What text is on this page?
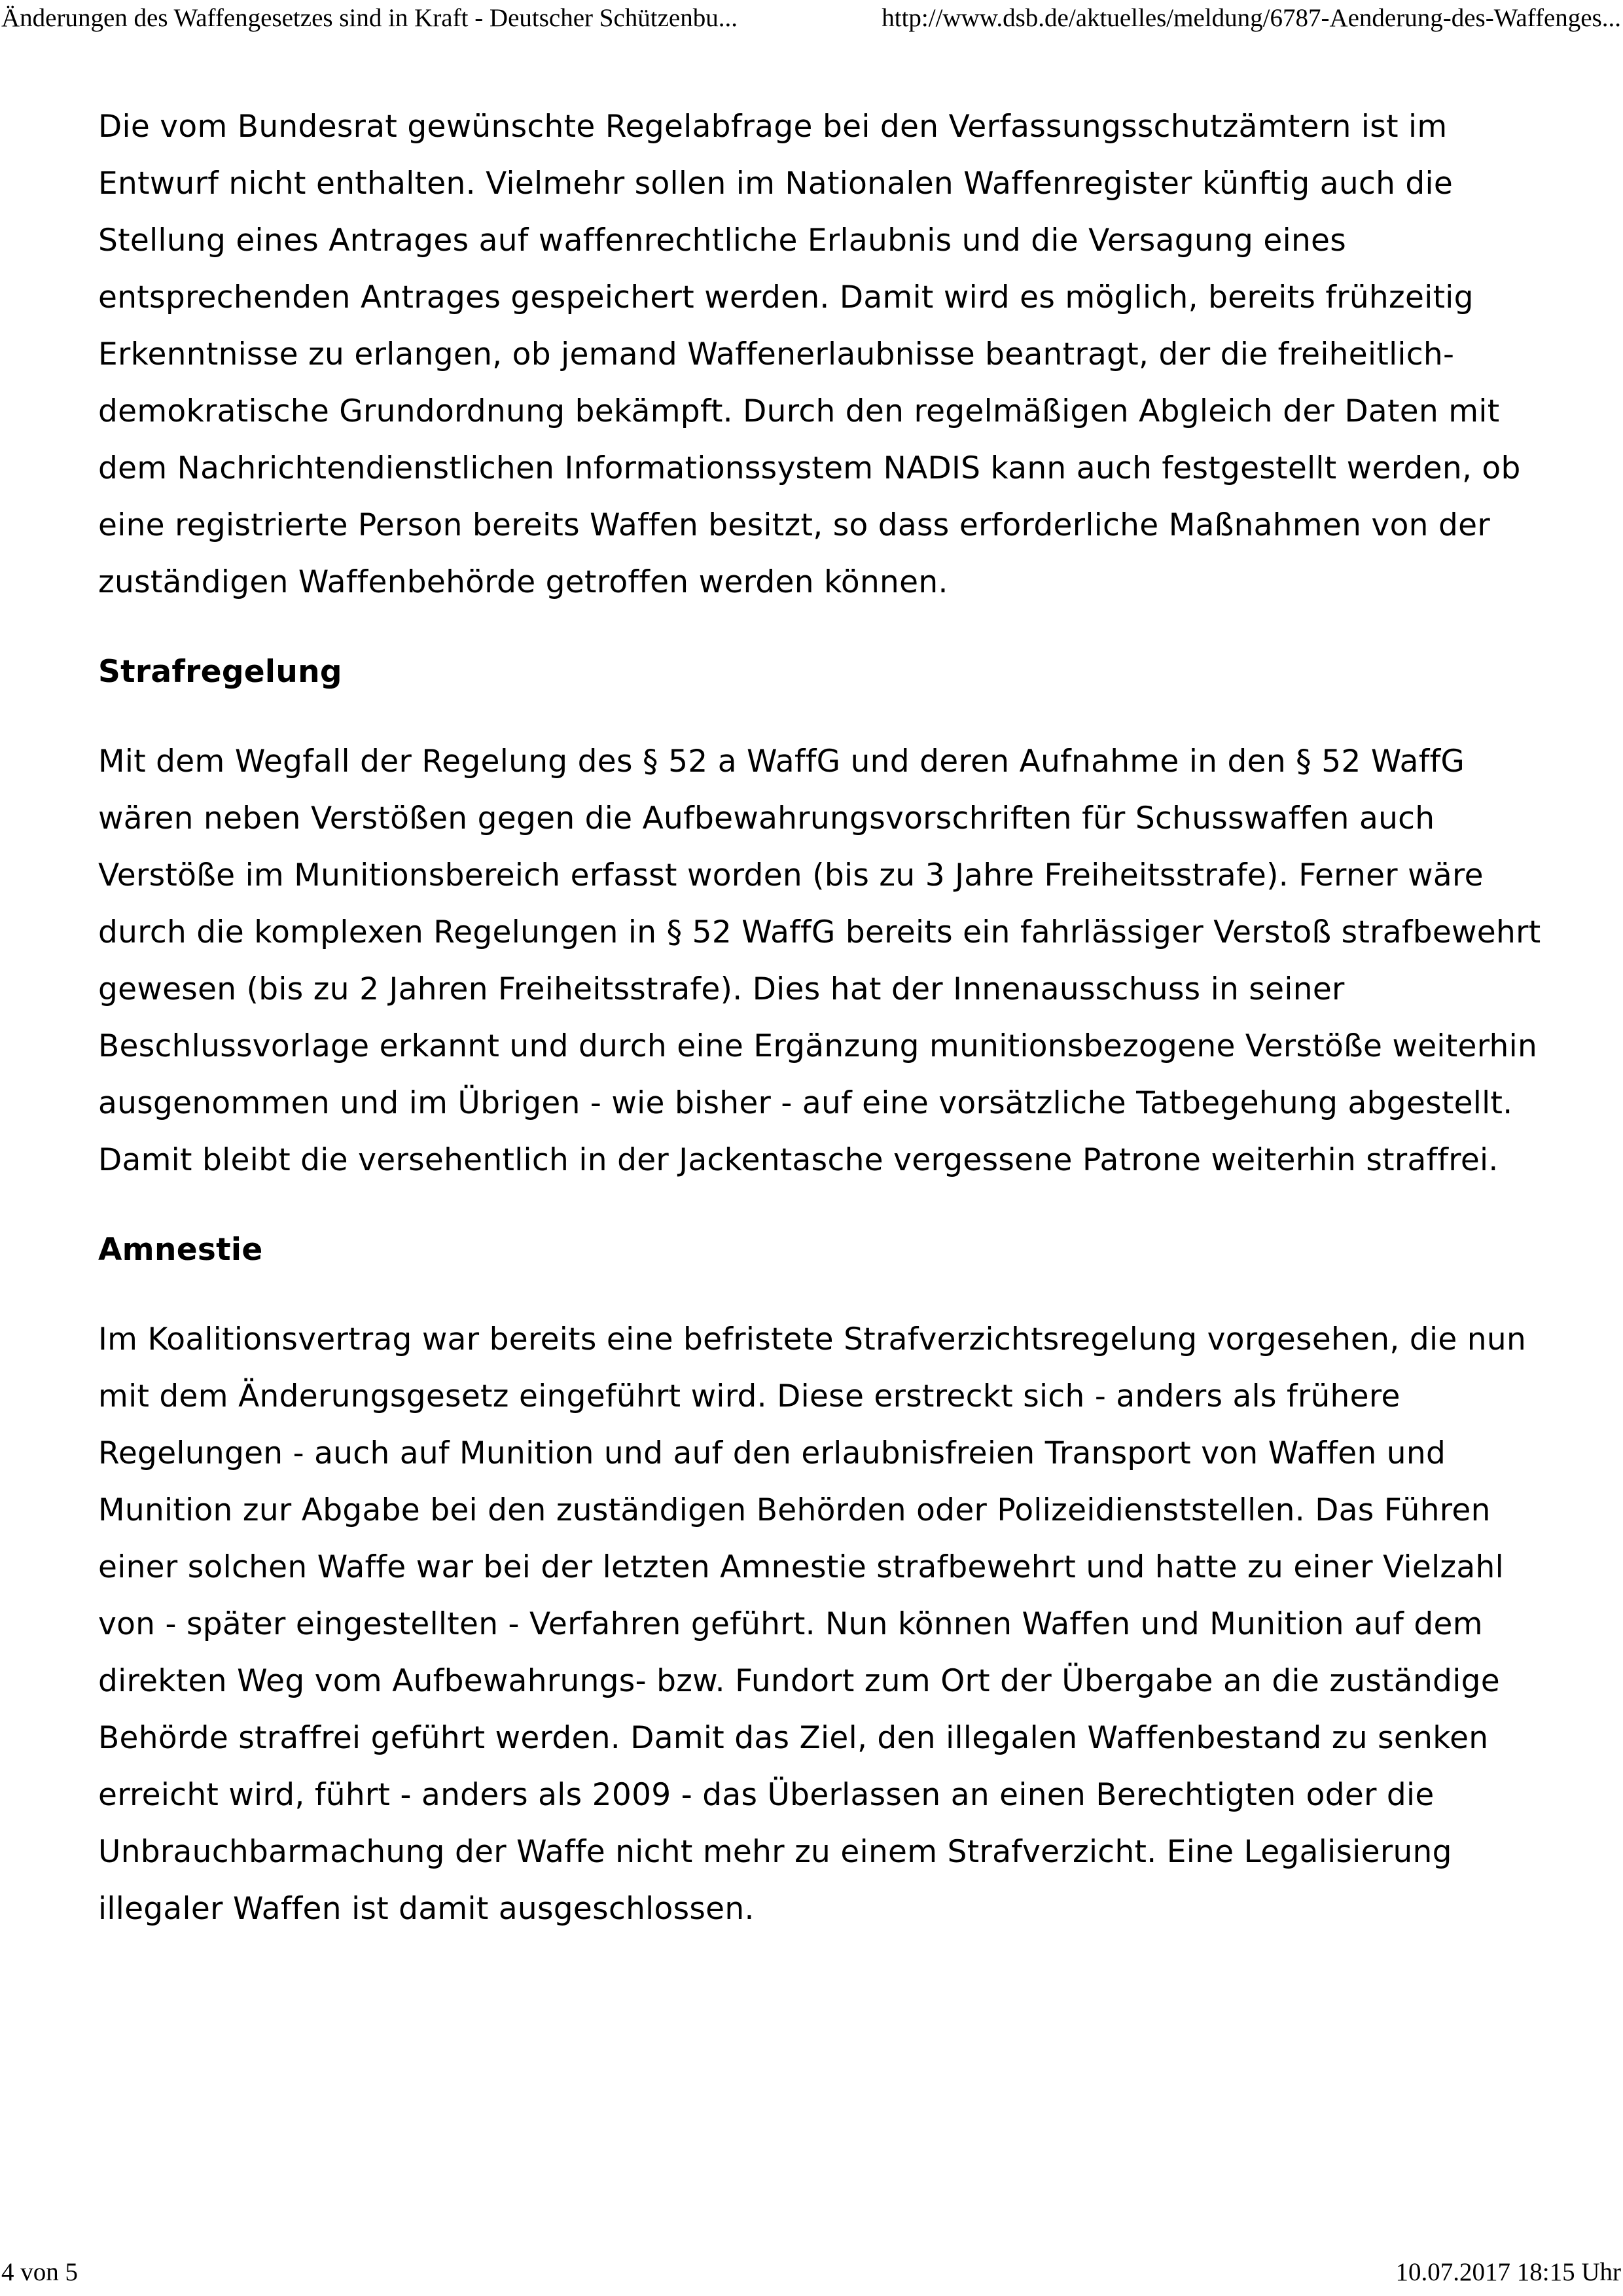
Änderungen des Waffengesetzes sind in Kraft - Deutscher Schützenbu...	http://www.dsb.de/aktuelles/meldung/6787-Aenderung-des-Waffenges...

Die vom Bundesrat gewünschte Regelabfrage bei den Verfassungsschutzämtern ist im Entwurf nicht enthalten. Vielmehr sollen im Nationalen Waffenregister künftig auch die Stellung eines Antrages auf waffenrechtliche Erlaubnis und die Versagung eines entsprechenden Antrages gespeichert werden. Damit wird es möglich, bereits frühzeitig Erkenntnisse zu erlangen, ob jemand Waffenerlaubnisse beantragt, der die freiheitlich-demokratische Grundordnung bekämpft. Durch den regelmäßigen Abgleich der Daten mit dem Nachrichtendienstlichen Informationssystem NADIS kann auch festgestellt werden, ob eine registrierte Person bereits Waffen besitzt, so dass erforderliche Maßnahmen von der zuständigen Waffenbehörde getroffen werden können.

Strafregelung

Mit dem Wegfall der Regelung des § 52 a WaffG und deren Aufnahme in den § 52 WaffG wären neben Verstößen gegen die Aufbewahrungsvorschriften für Schusswaffen auch Verstöße im Munitionsbereich erfasst worden (bis zu 3 Jahre Freiheitsstrafe). Ferner wäre durch die komplexen Regelungen in § 52 WaffG bereits ein fahrlässiger Verstoß strafbewehrt gewesen (bis zu 2 Jahren Freiheitsstrafe). Dies hat der Innenausschuss in seiner Beschlussvorlage erkannt und durch eine Ergänzung munitionsbezogene Verstöße weiterhin ausgenommen und im Übrigen - wie bisher - auf eine vorsätzliche Tatbegehung abgestellt. Damit bleibt die versehentlich in der Jackentasche vergessene Patrone weiterhin straffrei.

Amnestie

Im Koalitionsvertrag war bereits eine befristete Strafverzichtsregelung vorgesehen, die nun mit dem Änderungsgesetz eingeführt wird. Diese erstreckt sich - anders als frühere Regelungen - auch auf Munition und auf den erlaubnisfreien Transport von Waffen und Munition zur Abgabe bei den zuständigen Behörden oder Polizeidienststellen. Das Führen einer solchen Waffe war bei der letzten Amnestie strafbewehrt und hatte zu einer Vielzahl von - später eingestellten - Verfahren geführt. Nun können Waffen und Munition auf dem direkten Weg vom Aufbewahrungs- bzw. Fundort zum Ort der Übergabe an die zuständige Behörde straffrei geführt werden. Damit das Ziel, den illegalen Waffenbestand zu senken erreicht wird, führt - anders als 2009 - das Überlassen an einen Berechtigten oder die Unbrauchbarmachung der Waffe nicht mehr zu einem Strafverzicht. Eine Legalisierung illegaler Waffen ist damit ausgeschlossen.

4 von 5	10.07.2017 18:15 Uhr
